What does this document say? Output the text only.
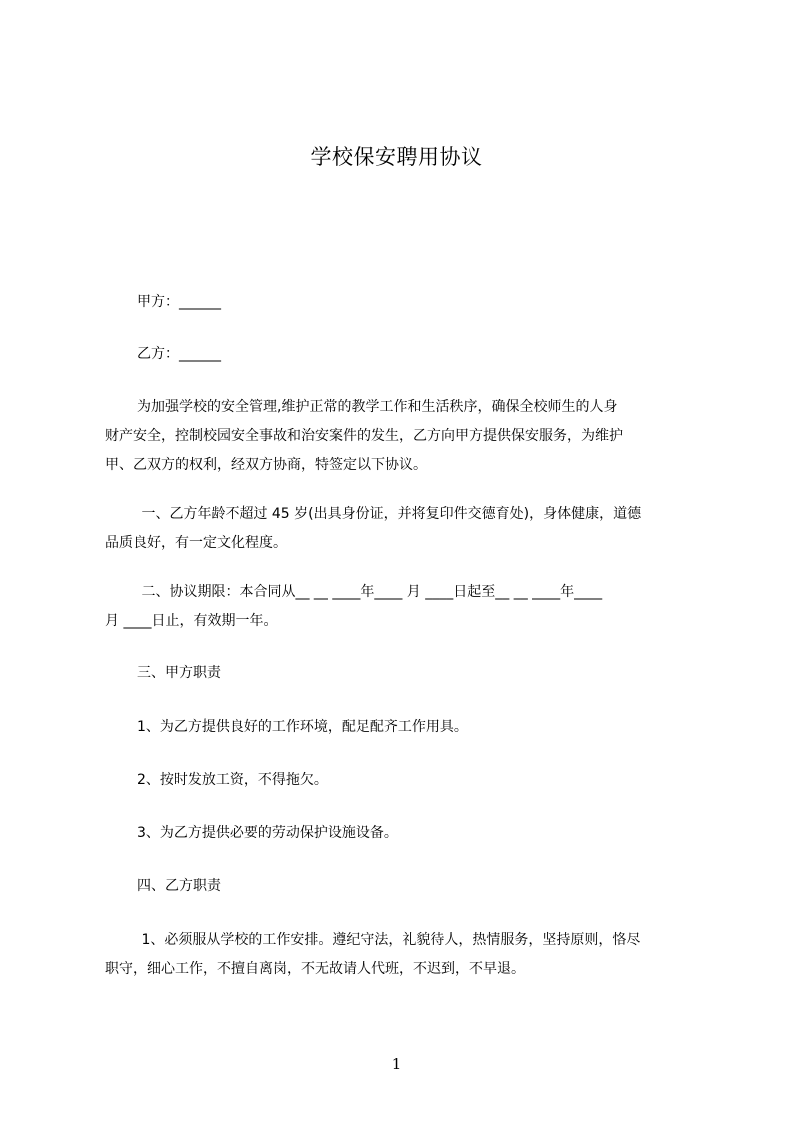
学校保安聘用协议

甲方：______

乙方：______

为加强学校的安全管理,维护正常的教学工作和生活秩序，确保全校师生的人身
财产安全，控制校园安全事故和治安案件的发生，乙方向甲方提供保安服务，为维护
甲、乙双方的权利，经双方协商，特签定以下协议。

一、乙方年龄不超过 45 岁(出具身份证，并将复印件交德育处)，身体健康，道德
品质良好，有一定文化程度。

二、协议期限：本合同从__ __ ____年____ 月 ____日起至__ __ ____年____
月 ____日止，有效期一年。

三、甲方职责

1、为乙方提供良好的工作环境，配足配齐工作用具。

2、按时发放工资，不得拖欠。

3、为乙方提供必要的劳动保护设施设备。

四、乙方职责

1、必须服从学校的工作安排。遵纪守法，礼貌待人，热情服务，坚持原则，恪尽
职守，细心工作，不擅自离岗，不无故请人代班，不迟到，不早退。

1
